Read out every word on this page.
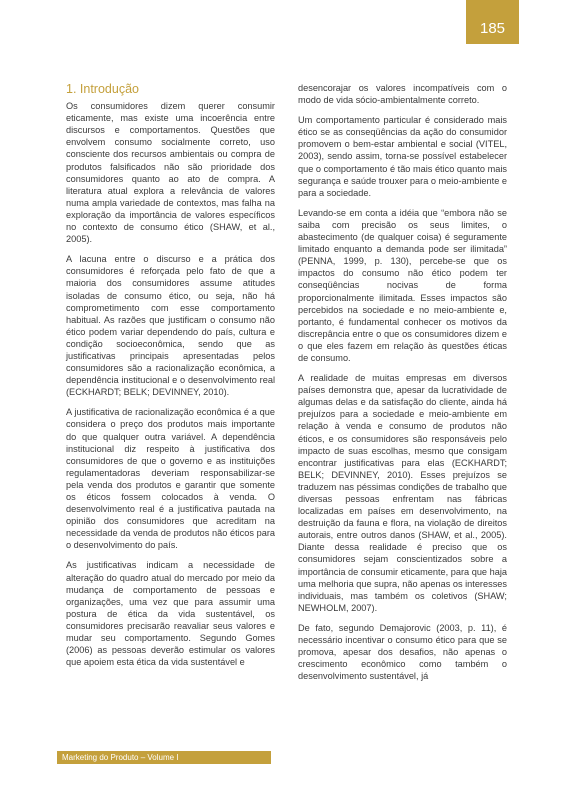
185
1. Introdução

Os consumidores dizem querer consumir eticamente, mas existe uma incoerência entre discursos e comportamentos. Questões que envolvem consumo socialmente correto, uso consciente dos recursos ambientais ou compra de produtos falsificados não são prioridade dos consumidores quanto ao ato de compra. A literatura atual explora a relevância de valores numa ampla variedade de contextos, mas falha na exploração da importância de valores específicos no contexto de consumo ético (SHAW, et al., 2005).

A lacuna entre o discurso e a prática dos consumidores é reforçada pelo fato de que a maioria dos consumidores assume atitudes isoladas de consumo ético, ou seja, não há comprometimento com esse comportamento habitual. As razões que justificam o consumo não ético podem variar dependendo do país, cultura e condição socioeconômica, sendo que as justificativas principais apresentadas pelos consumidores são a racionalização econômica, a dependência institucional e o desenvolvimento real (ECKHARDT; BELK; DEVINNEY, 2010).

A justificativa de racionalização econômica é a que considera o preço dos produtos mais importante do que qualquer outra variável. A dependência institucional diz respeito à justificativa dos consumidores de que o governo e as instituições regulamentadoras deveriam responsabilizar-se pela venda dos produtos e garantir que somente os éticos fossem colocados à venda. O desenvolvimento real é a justificativa pautada na opinião dos consumidores que acreditam na necessidade da venda de produtos não éticos para o desenvolvimento do país.

As justificativas indicam a necessidade de alteração do quadro atual do mercado por meio da mudança de comportamento de pessoas e organizações, uma vez que para assumir uma postura de ética da vida sustentável, os consumidores precisarão reavaliar seus valores e mudar seu comportamento. Segundo Gomes (2006) as pessoas deverão estimular os valores que apoiem esta ética da vida sustentável e

desencorajar os valores incompatíveis com o modo de vida sócio-ambientalmente correto.

Um comportamento particular é considerado mais ético se as conseqüências da ação do consumidor promovem o bem-estar ambiental e social (VITEL, 2003), sendo assim, torna-se possível estabelecer que o comportamento é tão mais ético quanto mais segurança e saúde trouxer para o meio-ambiente e para a sociedade.

Levando-se em conta a idéia que “embora não se saiba com precisão os seus limites, o abastecimento (de qualquer coisa) é seguramente limitado enquanto a demanda pode ser ilimitada” (PENNA, 1999, p. 130), percebe-se que os impactos do consumo não ético podem ter conseqüências nocivas de forma proporcionalmente ilimitada. Esses impactos são percebidos na sociedade e no meio-ambiente e, portanto, é fundamental conhecer os motivos da discrepância entre o que os consumidores dizem e o que eles fazem em relação às questões éticas de consumo.

A realidade de muitas empresas em diversos países demonstra que, apesar da lucratividade de algumas delas e da satisfação do cliente, ainda há prejuízos para a sociedade e meio-ambiente em relação à venda e consumo de produtos não éticos, e os consumidores são responsáveis pelo impacto de suas escolhas, mesmo que consigam encontrar justificativas para elas (ECKHARDT; BELK; DEVINNEY, 2010). Esses prejuízos se traduzem nas péssimas condições de trabalho que diversas pessoas enfrentam nas fábricas localizadas em países em desenvolvimento, na destruição da fauna e flora, na violação de direitos autorais, entre outros danos (SHAW, et al., 2005). Diante dessa realidade é preciso que os consumidores sejam conscientizados sobre a importância de consumir eticamente, para que haja uma melhoria que supra, não apenas os interesses individuais, mas também os coletivos (SHAW; NEWHOLM, 2007).

De fato, segundo Demajorovic (2003, p. 11), é necessário incentivar o consumo ético para que se promova, apesar dos desafios, não apenas o crescimento econômico como também o desenvolvimento sustentável, já

Marketing do Produto – Volume I
